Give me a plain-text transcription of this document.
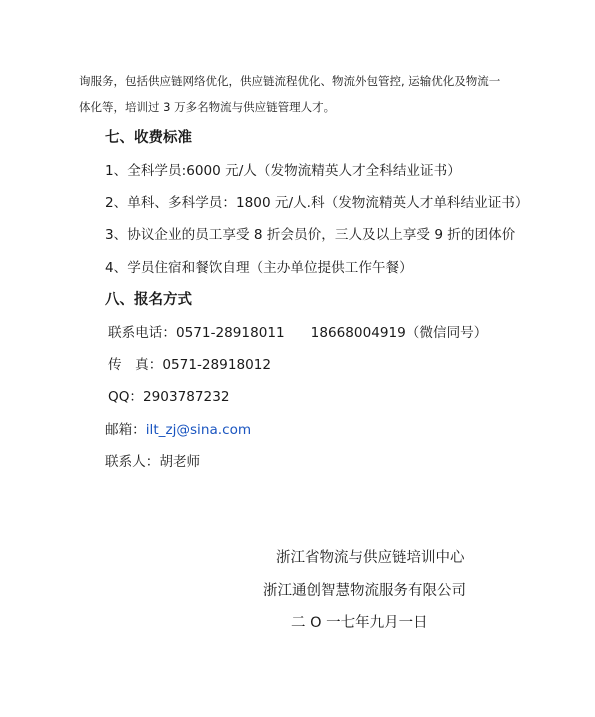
询服务，包括供应链网络优化，供应链流程优化、物流外包管控, 运输优化及物流一
体化等，培训过 3 万多名物流与供应链管理人才。
七、收费标准
1、全科学员:6000 元/人（发物流精英人才全科结业证书）
2、单科、多科学员：1800 元/人.科（发物流精英人才单科结业证书）
3、协议企业的员工享受 8 折会员价，三人及以上享受 9 折的团体价
4、学员住宿和餐饮自理（主办单位提供工作午餐）
八、报名方式
联系电话：0571-28918011 18668004919（微信同号）
传　真：0571-28918012
QQ：2903787232
邮箱：ilt_zj@sina.com
联系人：胡老师
浙江省物流与供应链培训中心
浙江通创智慧物流服务有限公司
二 O 一七年九月一日
